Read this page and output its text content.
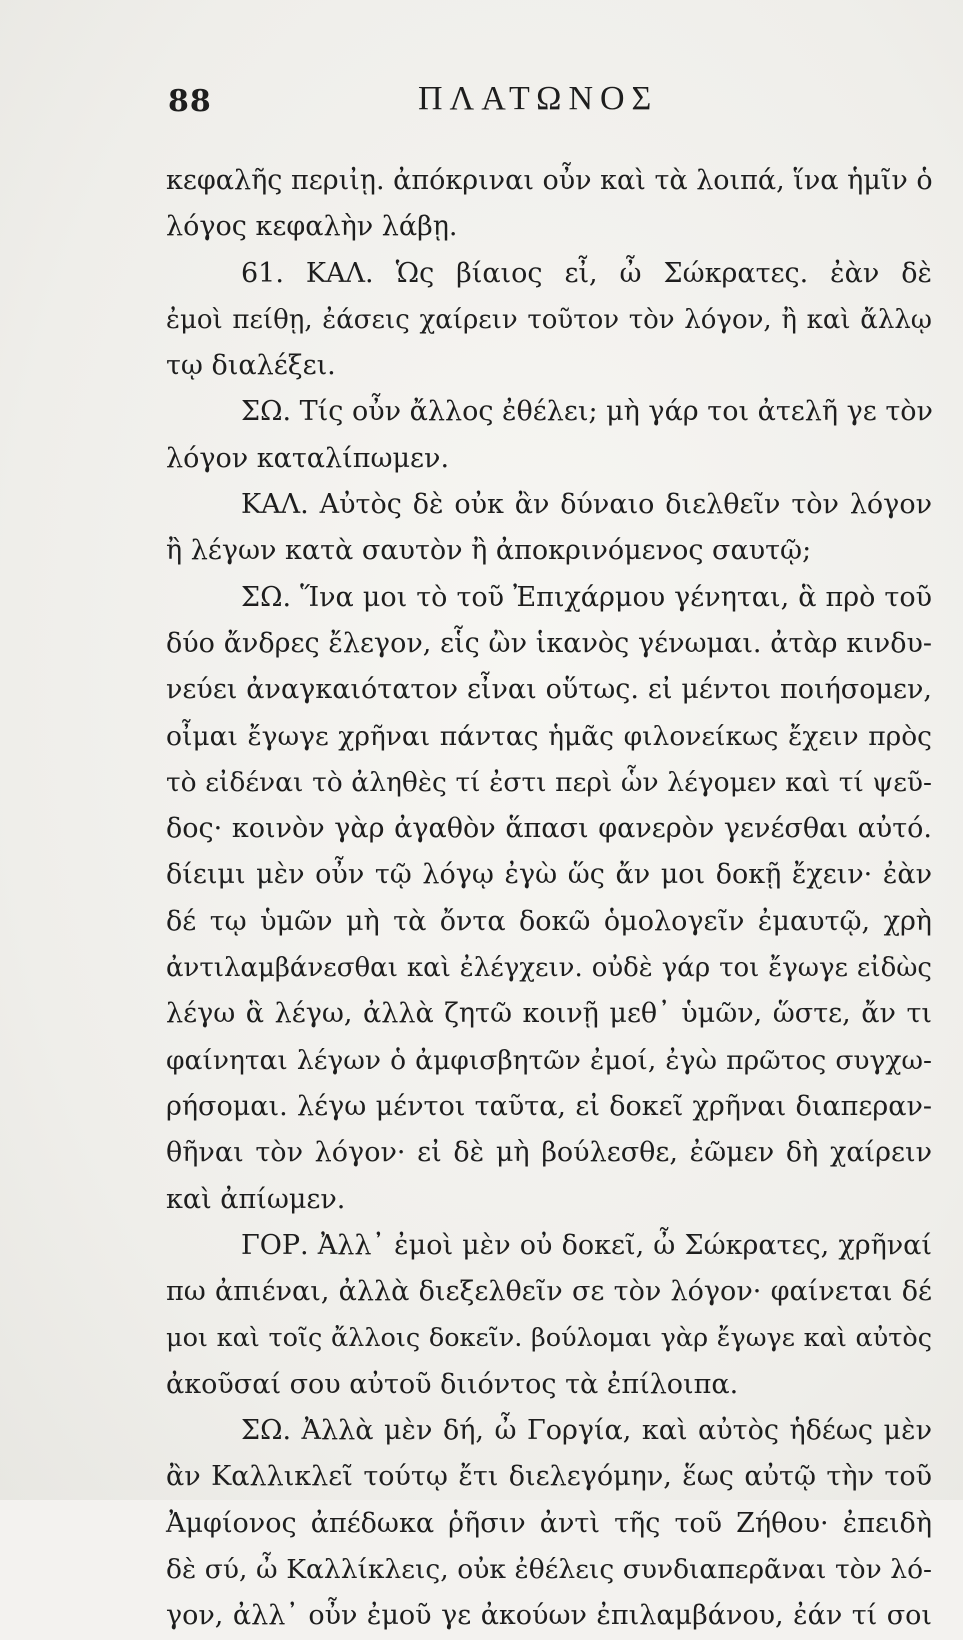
88	ΠΛΑΤΩΝΟΣ
κεφαλῆς περιἰῃ. ἀπόκριναι οὖν καὶ τὰ λοιπά, ἵνα ἡμῖν ὁ
λόγος κεφαλὴν λάβῃ.
61. ΚΑΛ. Ὡς βίαιος εἶ, ὦ Σώκρατες. ἐὰν δὲ
ἐμοὶ πείθῃ, ἐάσεις χαίρειν τοῦτον τὸν λόγον, ἢ καὶ ἄλλῳ
τῳ διαλέξει.
ΣΩ. Τίς οὖν ἄλλος ἐθέλει; μὴ γάρ τοι ἀτελῆ γε τὸν
λόγον καταλίπωμεν.
ΚΑΛ. Αὐτὸς δὲ οὐκ ἂν δύναιο διελθεῖν τὸν λόγον
ἢ λέγων κατὰ σαυτὸν ἢ ἀποκρινόμενος σαυτῷ;
ΣΩ. Ἵνα μοι τὸ τοῦ Ἐπιχάρμου γένηται, ἃ πρὸ τοῦ
δύο ἄνδρες ἔλεγον, εἷς ὢν ἱκανὸς γένωμαι. ἀτὰρ κινδυ-
νεύει ἀναγκαιότατον εἶναι οὕτως. εἰ μέντοι ποιήσομεν,
οἶμαι ἔγωγε χρῆναι πάντας ἡμᾶς φιλονείκως ἔχειν πρὸς
τὸ εἰδέναι τὸ ἀληθὲς τί ἐστι περὶ ὧν λέγομεν καὶ τί ψεῦ-
δος· κοινὸν γὰρ ἀγαθὸν ἅπασι φανερὸν γενέσθαι αὐτό.
δίειμι μὲν οὖν τῷ λόγῳ ἐγὼ ὥς ἄν μοι δοκῇ ἔχειν· ἐὰν
δέ τῳ ὑμῶν μὴ τὰ ὄντα δοκῶ ὁμολογεῖν ἐμαυτῷ, χρὴ
ἀντιλαμβάνεσθαι καὶ ἐλέγχειν. οὐδὲ γάρ τοι ἔγωγε εἰδὼς
λέγω ἃ λέγω, ἀλλὰ ζητῶ κοινῇ μεθ᾽ ὑμῶν, ὥστε, ἄν τι
φαίνηται λέγων ὁ ἀμφισβητῶν ἐμοί, ἐγὼ πρῶτος συγχω-
ρήσομαι. λέγω μέντοι ταῦτα, εἰ δοκεῖ χρῆναι διαπεραν-
θῆναι τὸν λόγον· εἰ δὲ μὴ βούλεσθε, ἐῶμεν δὴ χαίρειν
καὶ ἀπίωμεν.
ΓΟΡ. Ἀλλ᾽ ἐμοὶ μὲν οὐ δοκεῖ, ὦ Σώκρατες, χρῆναί
πω ἀπιέναι, ἀλλὰ διεξελθεῖν σε τὸν λόγον· φαίνεται δέ
μοι καὶ τοῖς ἄλλοις δοκεῖν. βούλομαι γὰρ ἔγωγε καὶ αὐτὸς
ἀκοῦσαί σου αὐτοῦ διιόντος τὰ ἐπίλοιπα.
ΣΩ. Ἀλλὰ μὲν δή, ὦ Γοργία, καὶ αὐτὸς ἡδέως μὲν
ἂν Καλλικλεῖ τούτῳ ἔτι διελεγόμην, ἕως αὐτῷ τὴν τοῦ
Ἀμφίονος ἀπέδωκα ῥῆσιν ἀντὶ τῆς τοῦ Ζήθου· ἐπειδὴ
δὲ σύ, ὦ Καλλίκλεις, οὐκ ἐθέλεις συνδιαπερᾶναι τὸν λό-
γον, ἀλλ᾽ οὖν ἐμοῦ γε ἀκούων ἐπιλαμβάνου, ἐάν τί σοι
